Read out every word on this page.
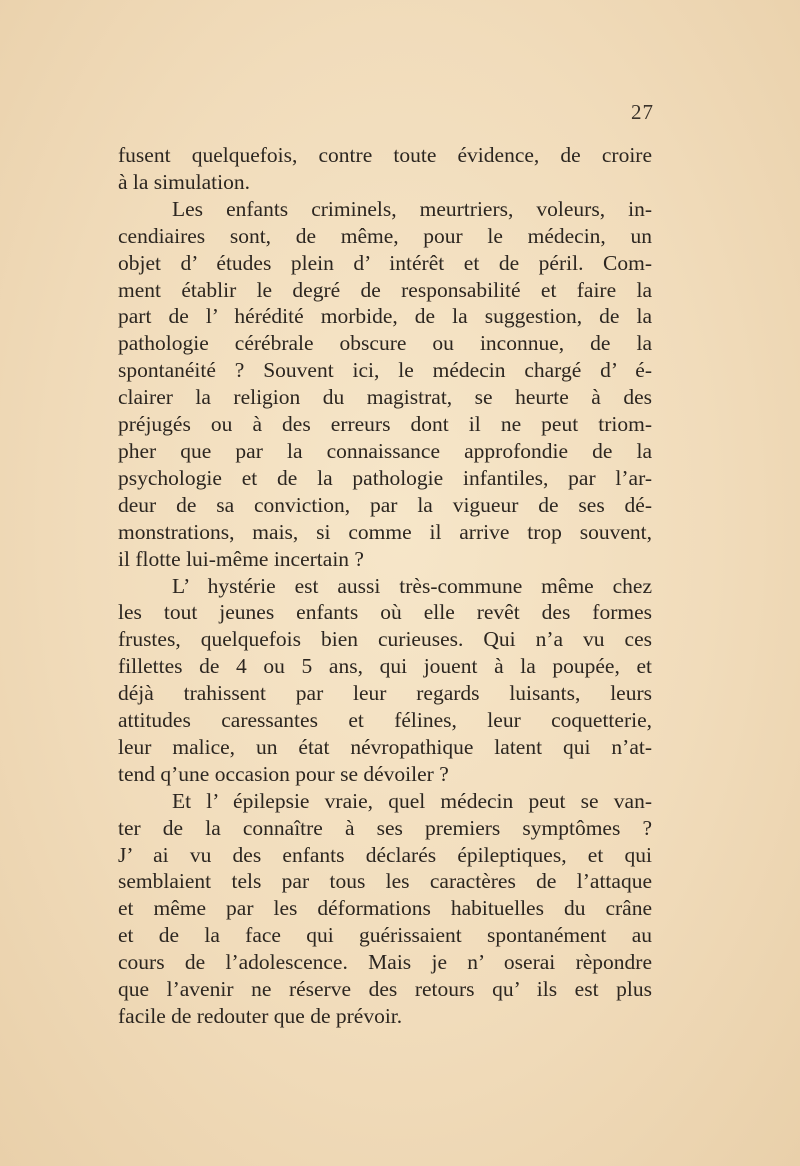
27
fusent quelquefois, contre toute évidence, de croire
à la simulation.
Les enfants criminels, meurtriers, voleurs, in-
cendiaires sont, de même, pour le médecin, un
objet d’ études plein d’ intérêt et de péril. Com-
ment établir le degré de responsabilité et faire la
part de l’ hérédité morbide, de la suggestion, de la
pathologie cérébrale obscure ou inconnue, de la
spontanéité ? Souvent ici, le médecin chargé d’ é-
clairer la religion du magistrat, se heurte à des
préjugés ou à des erreurs dont il ne peut triom-
pher que par la connaissance approfondie de la
psychologie et de la pathologie infantiles, par l’ar-
deur de sa conviction, par la vigueur de ses dé-
monstrations, mais, si comme il arrive trop souvent,
il flotte lui-même incertain ?
L’ hystérie est aussi très-commune même chez
les tout jeunes enfants où elle revêt des formes
frustes, quelquefois bien curieuses. Qui n’a vu ces
fillettes de 4 ou 5 ans, qui jouent à la poupée, et
déjà trahissent par leur regards luisants, leurs
attitudes caressantes et félines, leur coquetterie,
leur malice, un état névropathique latent qui n’at-
tend q’une occasion pour se dévoiler ?
Et l’ épilepsie vraie, quel médecin peut se van-
ter de la connaître à ses premiers symptômes ?
J’ ai vu des enfants déclarés épileptiques, et qui
semblaient tels par tous les caractères de l’attaque
et même par les déformations habituelles du crâne
et de la face qui guérissaient spontanément au
cours de l’adolescence. Mais je n’ oserai rèpondre
que l’avenir ne réserve des retours qu’ ils est plus
facile de redouter que de prévoir.
